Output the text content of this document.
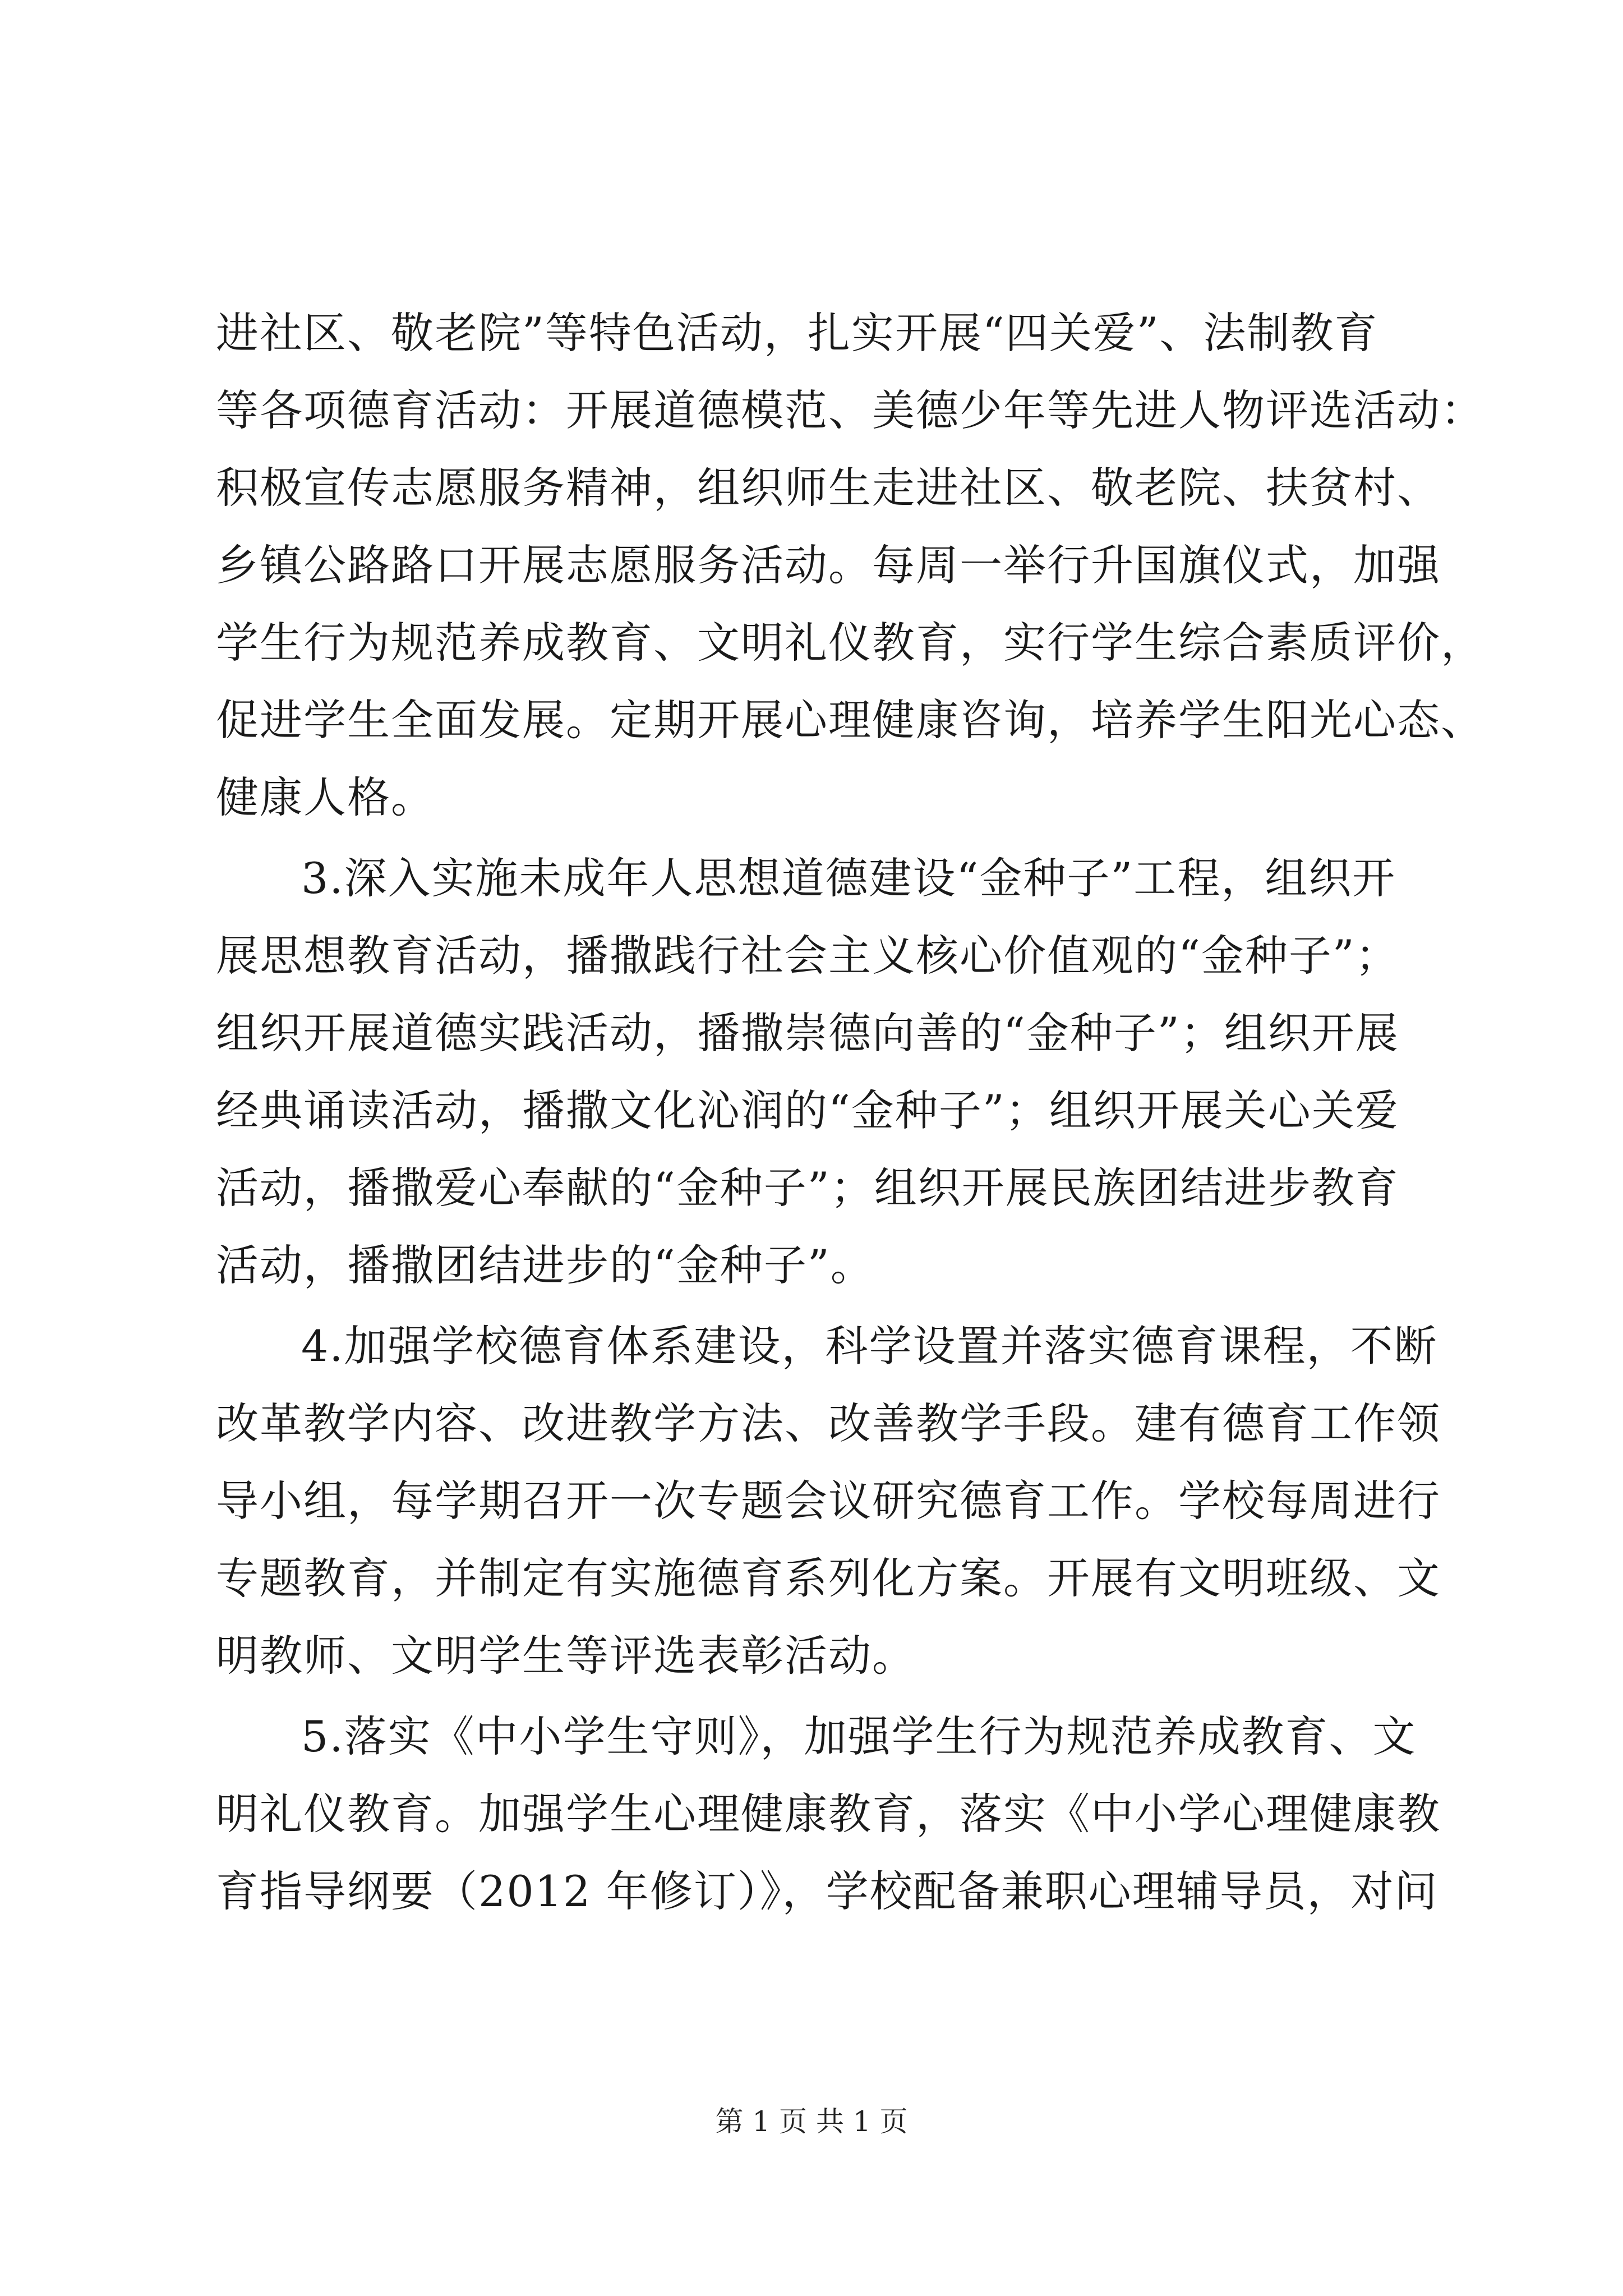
进社区、敬老院”等特色活动，扎实开展“四关爱”、法制教育
等各项德育活动：开展道德模范、美德少年等先进人物评选活动：
积极宣传志愿服务精神，组织师生走进社区、敬老院、扶贫村、
乡镇公路路口开展志愿服务活动。每周一举行升国旗仪式，加强
学生行为规范养成教育、文明礼仪教育，实行学生综合素质评价，
促进学生全面发展。定期开展心理健康咨询，培养学生阳光心态、
健康人格。
3.深入实施未成年人思想道德建设“金种子”工程，组织开
展思想教育活动，播撒践行社会主义核心价值观的“金种子”；
组织开展道德实践活动，播撒崇德向善的“金种子”；组织开展
经典诵读活动，播撒文化沁润的“金种子”；组织开展关心关爱
活动，播撒爱心奉献的“金种子”；组织开展民族团结进步教育
活动，播撒团结进步的“金种子”。
4.加强学校德育体系建设，科学设置并落实德育课程，不断
改革教学内容、改进教学方法、改善教学手段。建有德育工作领
导小组，每学期召开一次专题会议研究德育工作。学校每周进行
专题教育，并制定有实施德育系列化方案。开展有文明班级、文
明教师、文明学生等评选表彰活动。
5.落实《中小学生守则》，加强学生行为规范养成教育、文
明礼仪教育。加强学生心理健康教育，落实《中小学心理健康教
育指导纲要（2012 年修订）》，学校配备兼职心理辅导员，对问
第 1 页 共 1 页
